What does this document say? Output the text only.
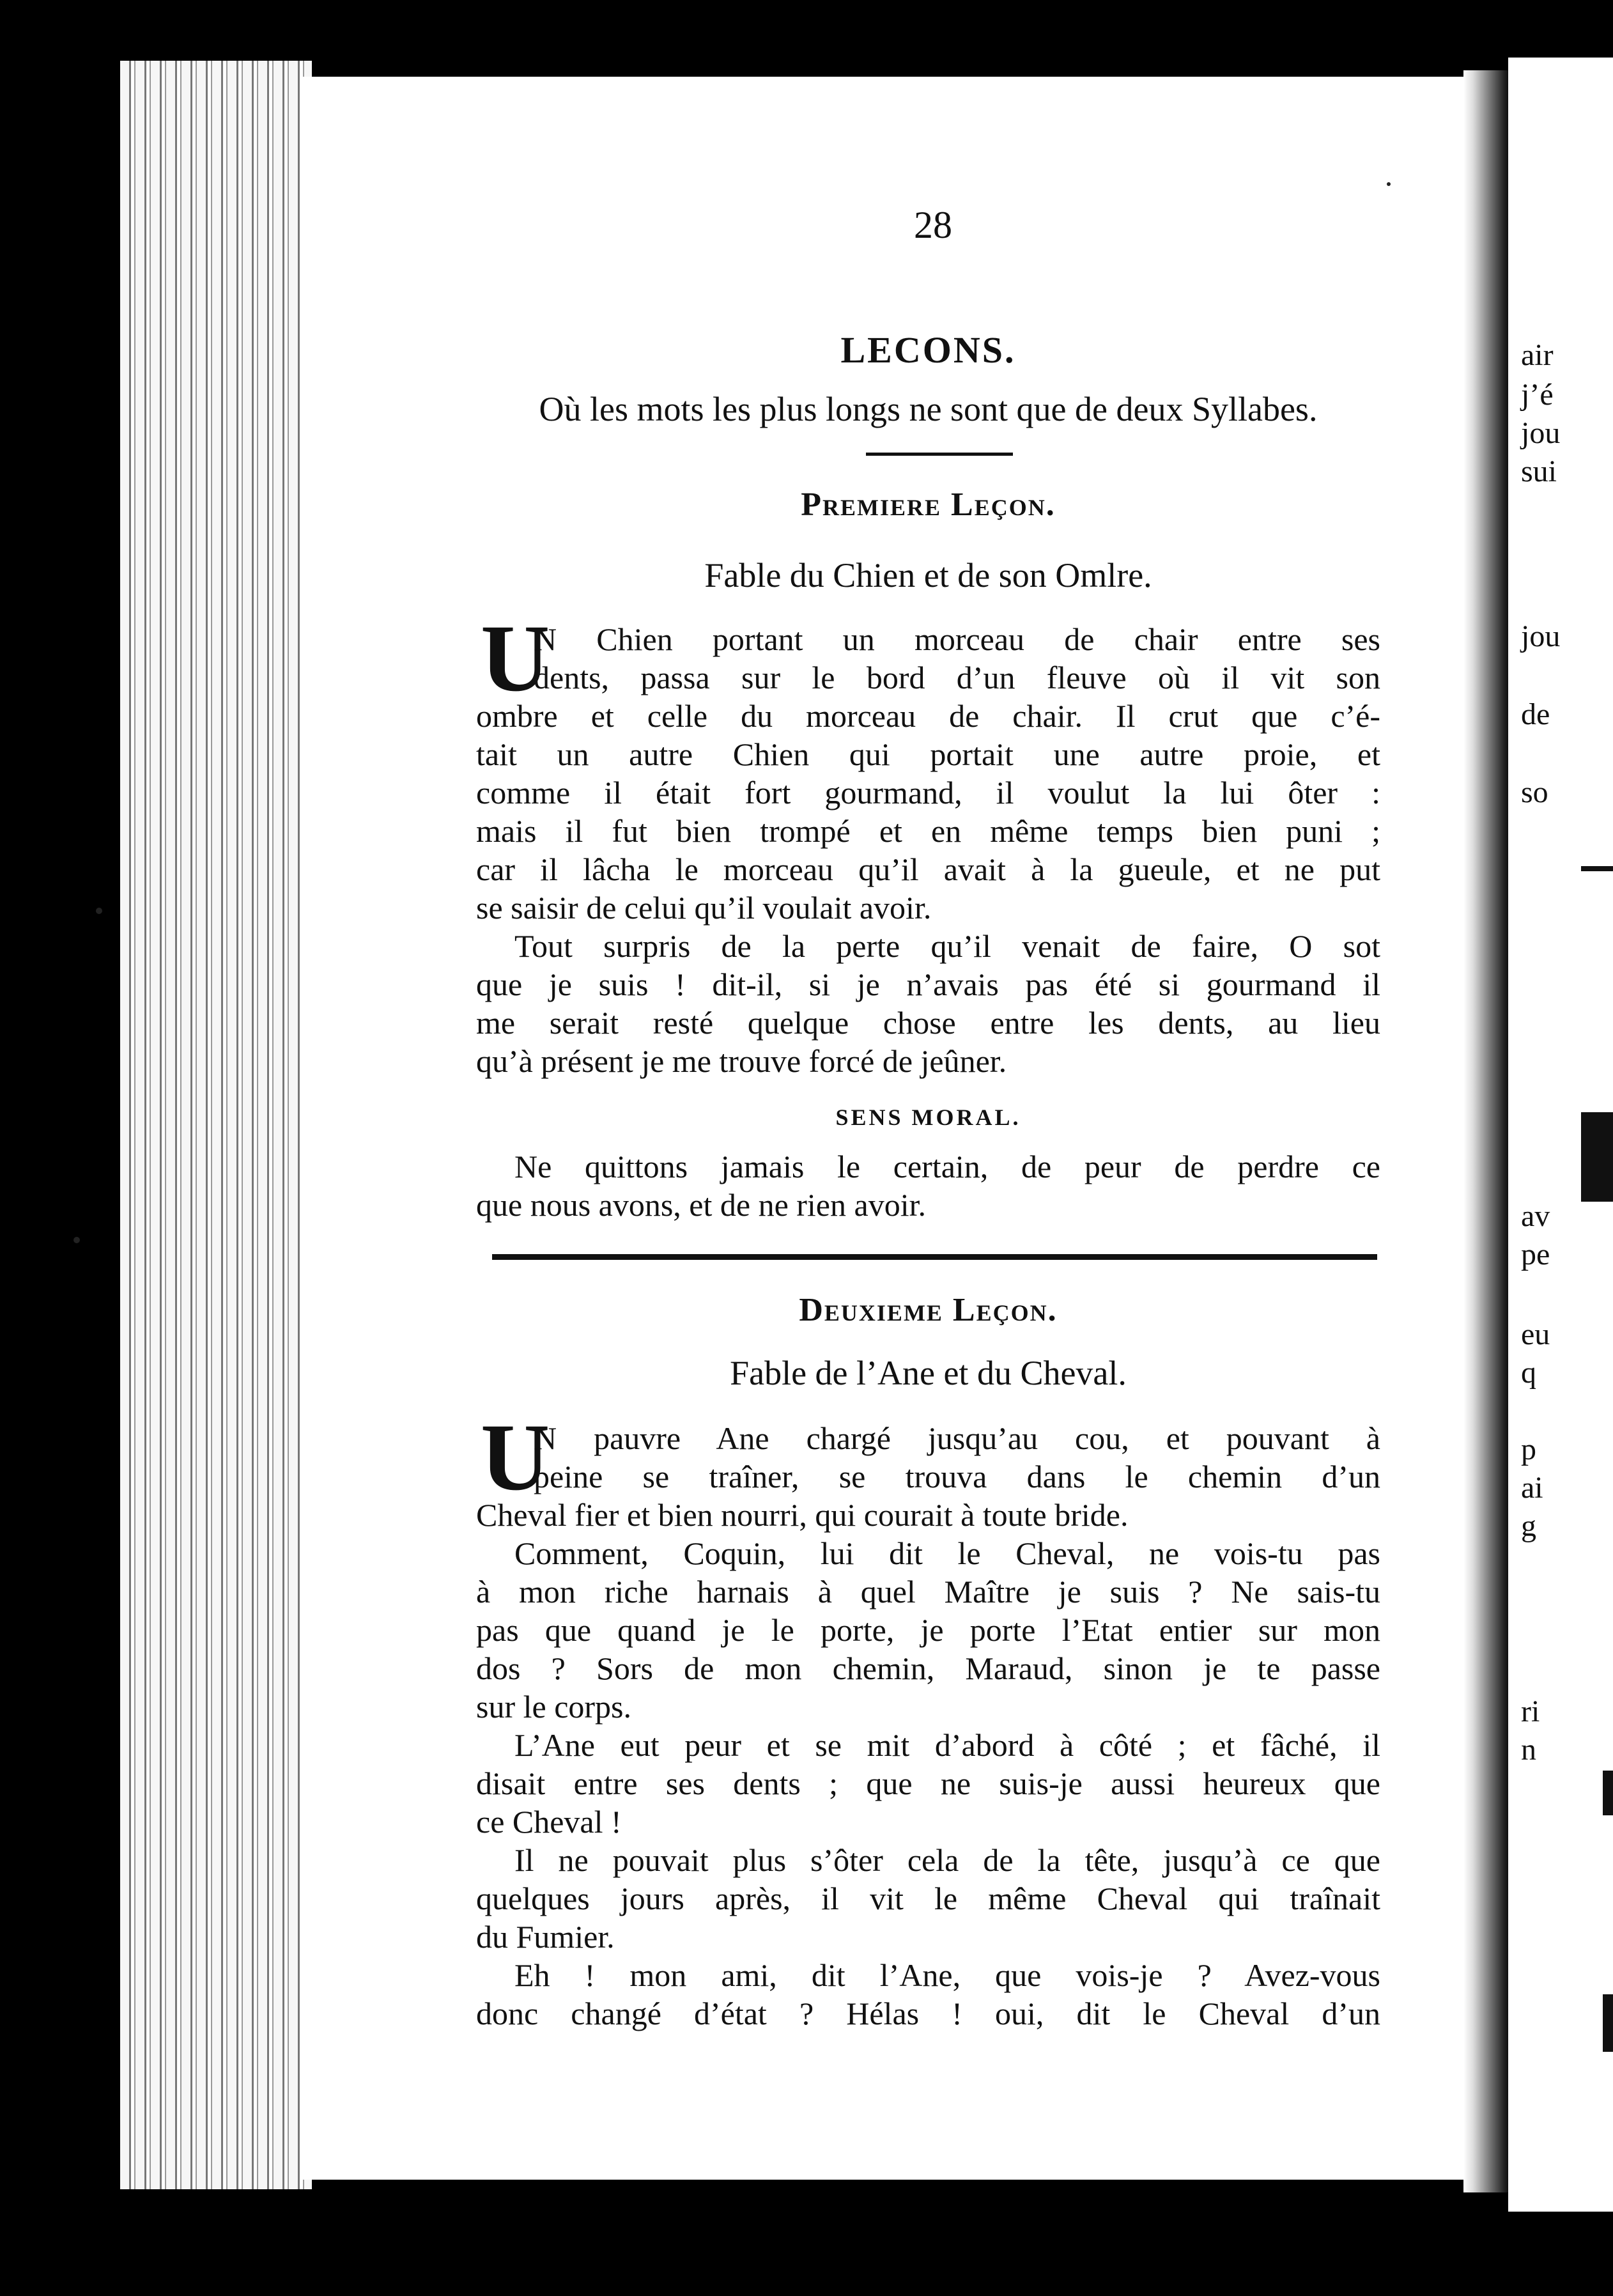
air
j’é
jou
sui
jou
de
so
av
pe
eu
q
p
ai
g
ri
n
28
LECONS.
Où les mots les plus longs ne sont que de deux Syllabes.
Premiere Leçon.
Fable du Chien et de son Omlre.
U

N Chien portant un morceau de chair entre ses

dents, passa sur le bord d’un fleuve où il vit son

ombre et celle du morceau de chair. Il crut que c’é-

tait un autre Chien qui portait une autre proie, et

comme il était fort gourmand, il voulut la lui ôter :

mais il fut bien trompé et en même temps bien puni ;

car il lâcha le morceau qu’il avait à la gueule, et ne put

se saisir de celui qu’il voulait avoir.

Tout surpris de la perte qu’il venait de faire, O sot

que je suis ! dit-il, si je n’avais pas été si gourmand il

me serait resté quelque chose entre les dents, au lieu

qu’à présent je me trouve forcé de jeûner.

SENS MORAL.

Ne quittons jamais le certain, de peur de perdre ce

que nous avons, et de ne rien avoir.

Deuxieme Leçon.
Fable de l’Ane et du Cheval.
U

N pauvre Ane chargé jusqu’au cou, et pouvant à

peine se traîner, se trouva dans le chemin d’un

Cheval fier et bien nourri, qui courait à toute bride.

Comment, Coquin, lui dit le Cheval, ne vois-tu pas

à mon riche harnais à quel Maître je suis ? Ne sais-tu

pas que quand je le porte, je porte l’Etat entier sur mon

dos ? Sors de mon chemin, Maraud, sinon je te passe

sur le corps.

L’Ane eut peur et se mit d’abord à côté ; et fâché, il

disait entre ses dents ; que ne suis-je aussi heureux que

ce Cheval !

Il ne pouvait plus s’ôter cela de la tête, jusqu’à ce que

quelques jours après, il vit le même Cheval qui traînait

du Fumier.

Eh ! mon ami, dit l’Ane, que vois-je ? Avez-vous

donc changé d’état ? Hélas ! oui, dit le Cheval d’un
